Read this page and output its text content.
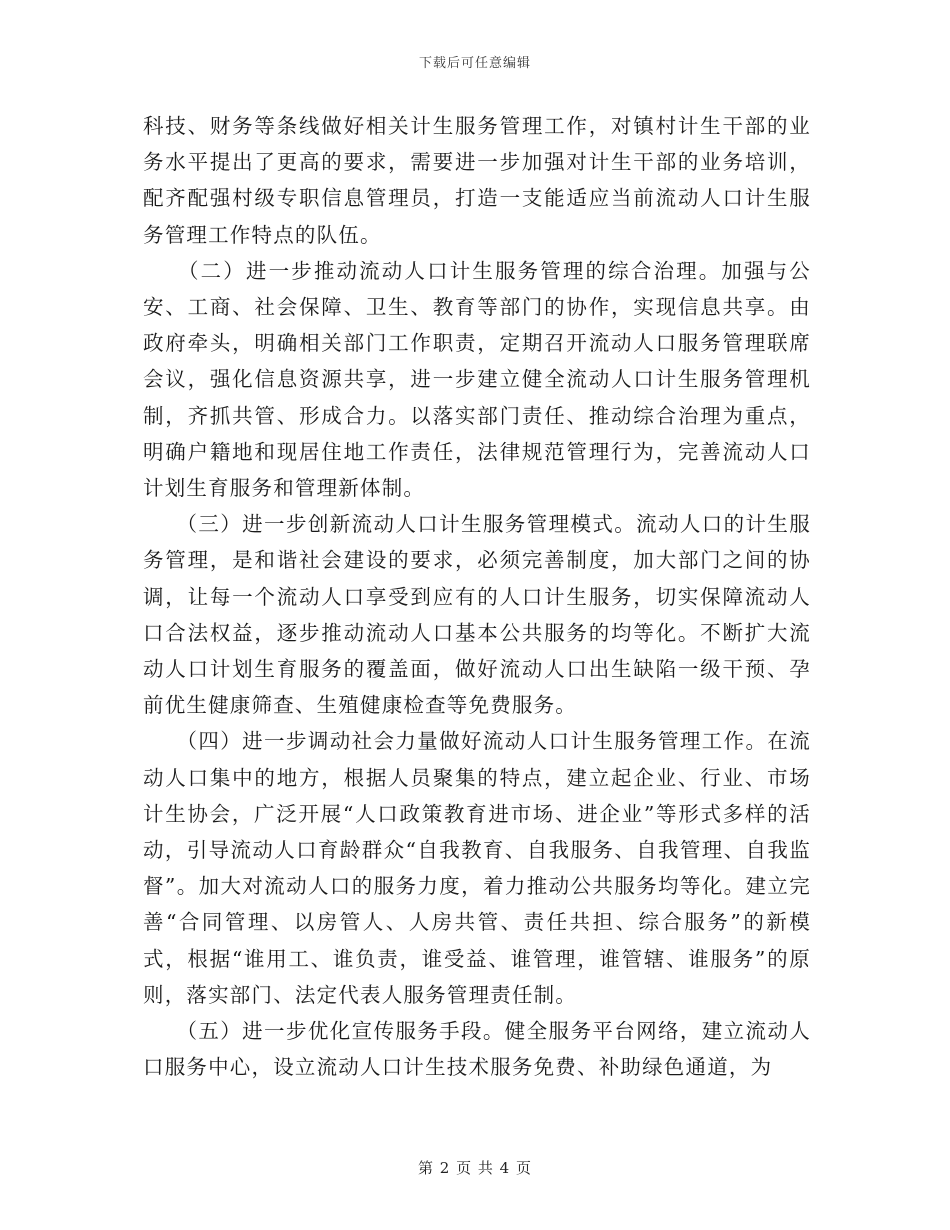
下载后可任意编辑

科技、财务等条线做好相关计生服务管理工作，对镇村计生干部的业务水平提出了更高的要求，需要进一步加强对计生干部的业务培训，配齐配强村级专职信息管理员，打造一支能适应当前流动人口计生服务管理工作特点的队伍。

　　（二）进一步推动流动人口计生服务管理的综合治理。加强与公安、工商、社会保障、卫生、教育等部门的协作，实现信息共享。由政府牵头，明确相关部门工作职责，定期召开流动人口服务管理联席会议，强化信息资源共享，进一步建立健全流动人口计生服务管理机制，齐抓共管、形成合力。以落实部门责任、推动综合治理为重点，明确户籍地和现居住地工作责任，法律规范管理行为，完善流动人口计划生育服务和管理新体制。

　　（三）进一步创新流动人口计生服务管理模式。流动人口的计生服务管理，是和谐社会建设的要求，必须完善制度，加大部门之间的协调，让每一个流动人口享受到应有的人口计生服务，切实保障流动人口合法权益，逐步推动流动人口基本公共服务的均等化。不断扩大流动人口计划生育服务的覆盖面，做好流动人口出生缺陷一级干预、孕前优生健康筛查、生殖健康检查等免费服务。

　　（四）进一步调动社会力量做好流动人口计生服务管理工作。在流动人口集中的地方，根据人员聚集的特点，建立起企业、行业、市场计生协会，广泛开展“人口政策教育进市场、进企业”等形式多样的活动，引导流动人口育龄群众“自我教育、自我服务、自我管理、自我监督”。加大对流动人口的服务力度，着力推动公共服务均等化。建立完善“合同管理、以房管人、人房共管、责任共担、综合服务”的新模式，根据“谁用工、谁负责，谁受益、谁管理，谁管辖、谁服务”的原则，落实部门、法定代表人服务管理责任制。

　　（五）进一步优化宣传服务手段。健全服务平台网络，建立流动人口服务中心，设立流动人口计生技术服务免费、补助绿色通道，为

第 2 页 共 4 页
